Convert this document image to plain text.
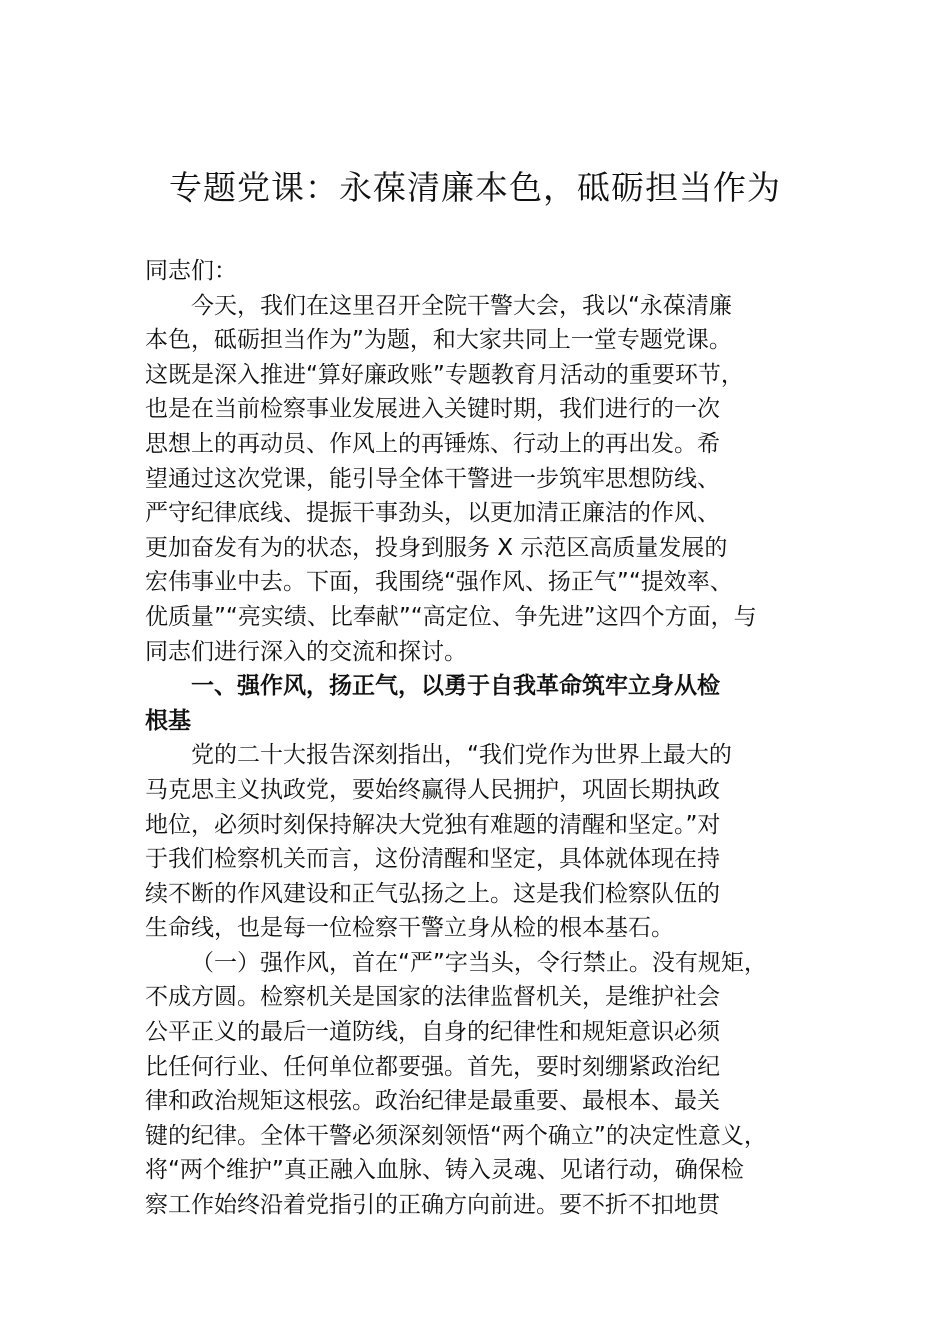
专题党课：永葆清廉本色，砥砺担当作为
同志们：
今天，我们在这里召开全院干警大会，我以“永葆清廉
本色，砥砺担当作为”为题，和大家共同上一堂专题党课。
这既是深入推进“算好廉政账”专题教育月活动的重要环节，
也是在当前检察事业发展进入关键时期，我们进行的一次
思想上的再动员、作风上的再锤炼、行动上的再出发。希
望通过这次党课，能引导全体干警进一步筑牢思想防线、
严守纪律底线、提振干事劲头，以更加清正廉洁的作风、
更加奋发有为的状态，投身到服务 X 示范区高质量发展的
宏伟事业中去。下面，我围绕“强作风、扬正气”“提效率、
优质量”“亮实绩、比奉献”“高定位、争先进”这四个方面，与
同志们进行深入的交流和探讨。
一、强作风，扬正气，以勇于自我革命筑牢立身从检
根基
党的二十大报告深刻指出，“我们党作为世界上最大的
马克思主义执政党，要始终赢得人民拥护，巩固长期执政
地位，必须时刻保持解决大党独有难题的清醒和坚定。”对
于我们检察机关而言，这份清醒和坚定，具体就体现在持
续不断的作风建设和正气弘扬之上。这是我们检察队伍的
生命线，也是每一位检察干警立身从检的根本基石。
（一）强作风，首在“严”字当头，令行禁止。没有规矩，
不成方圆。检察机关是国家的法律监督机关，是维护社会
公平正义的最后一道防线，自身的纪律性和规矩意识必须
比任何行业、任何单位都要强。首先，要时刻绷紧政治纪
律和政治规矩这根弦。政治纪律是最重要、最根本、最关
键的纪律。全体干警必须深刻领悟“两个确立”的决定性意义，
将“两个维护”真正融入血脉、铸入灵魂、见诸行动，确保检
察工作始终沿着党指引的正确方向前进。要不折不扣地贯
